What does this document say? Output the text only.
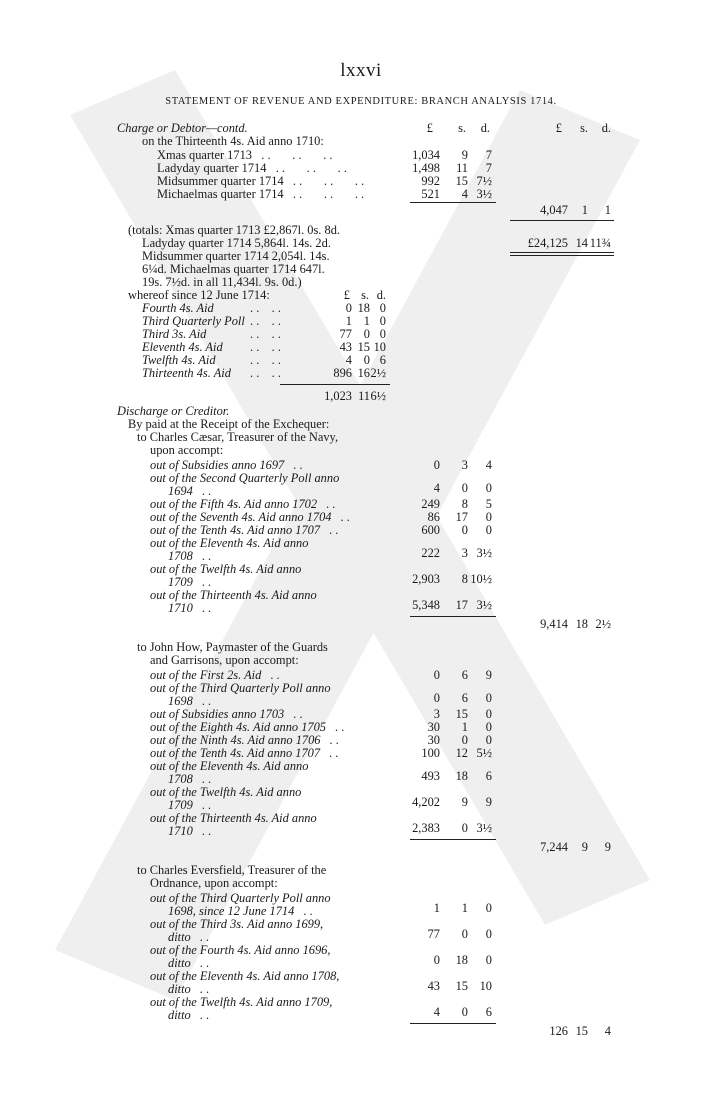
lxxvi
STATEMENT OF REVENUE AND EXPENDITURE: BRANCH ANALYSIS 1714.
£ s. d.	£ s. d.
Charge or Debtor—contd.
on the Thirteenth 4s. Aid anno 1710:
Xmas quarter 1713   . .       . .       . .	1,034 9 7
Ladyday quarter 1714   . .       . .       . .	1,498 11 7
Midsummer quarter 1714   . .       . .       . .	992 15 7½
Michaelmas quarter 1714   . .       . .       . .	521 4 3½
4,047 1 1
(totals: Xmas quarter 1713 £2,867l. 0s. 8d.
Ladyday quarter 1714 5,864l. 14s. 2d.
Midsummer quarter 1714 2,054l. 14s.
6¼d. Michaelmas quarter 1714 647l.
19s. 7½d. in all 11,434l. 9s. 0d.)
£24,125 14 11¾
whereof since 12 June 1714:	£ s. d.
Fourth 4s. Aid	. .    . .	0 18 0
Third Quarterly Poll . .    . .	1 1 0
Third 3s. Aid	. .    . .	77 0 0
Eleventh 4s. Aid . .    . .	43 15 10
Twelfth 4s. Aid	. .    . .	4 0 6
Thirteenth 4s. Aid . .    . .	896 16 2½
1,023 11 6½
Discharge or Creditor.
By paid at the Receipt of the Exchequer:
to Charles Cæsar, Treasurer of the Navy,
upon accompt:
out of Subsidies anno 1697   . .	0 3 4
out of the Second Quarterly Poll anno
1694   . .	4 0 0
out of the Fifth 4s. Aid anno 1702   . .	249 8 5
out of the Seventh 4s. Aid anno 1704   . .	86 17 0
out of the Tenth 4s. Aid anno 1707   . .	600 0 0
out of the Eleventh 4s. Aid anno
1708   . .	222 3 3½
out of the Twelfth 4s. Aid anno
1709   . .	2,903 8 10½
out of the Thirteenth 4s. Aid anno
1710   . .	5,348 17 3½
9,414 18 2½
to John How, Paymaster of the Guards
and Garrisons, upon accompt:
out of the First 2s. Aid   . .	0 6 9
out of the Third Quarterly Poll anno
1698   . .	0 6 0
out of Subsidies anno 1703   . .	3 15 0
out of the Eighth 4s. Aid anno 1705   . .	30 1 0
out of the Ninth 4s. Aid anno 1706   . .	30 0 0
out of the Tenth 4s. Aid anno 1707   . .	100 12 5½
out of the Eleventh 4s. Aid anno
1708   . .	493 18 6
out of the Twelfth 4s. Aid anno
1709   . .	4,202 9 9
out of the Thirteenth 4s. Aid anno
1710   . .	2,383 0 3½
7,244 9 9
to Charles Eversfield, Treasurer of the
Ordnance, upon accompt:
out of the Third Quarterly Poll anno
1698, since 12 June 1714   . .	1 1 0
out of the Third 3s. Aid anno 1699,
ditto   . .	77 0 0
out of the Fourth 4s. Aid anno 1696,
ditto   . .	0 18 0
out of the Eleventh 4s. Aid anno 1708,
ditto   . .	43 15 10
out of the Twelfth 4s. Aid anno 1709,
ditto   . .	4 0 6
126 15 4
